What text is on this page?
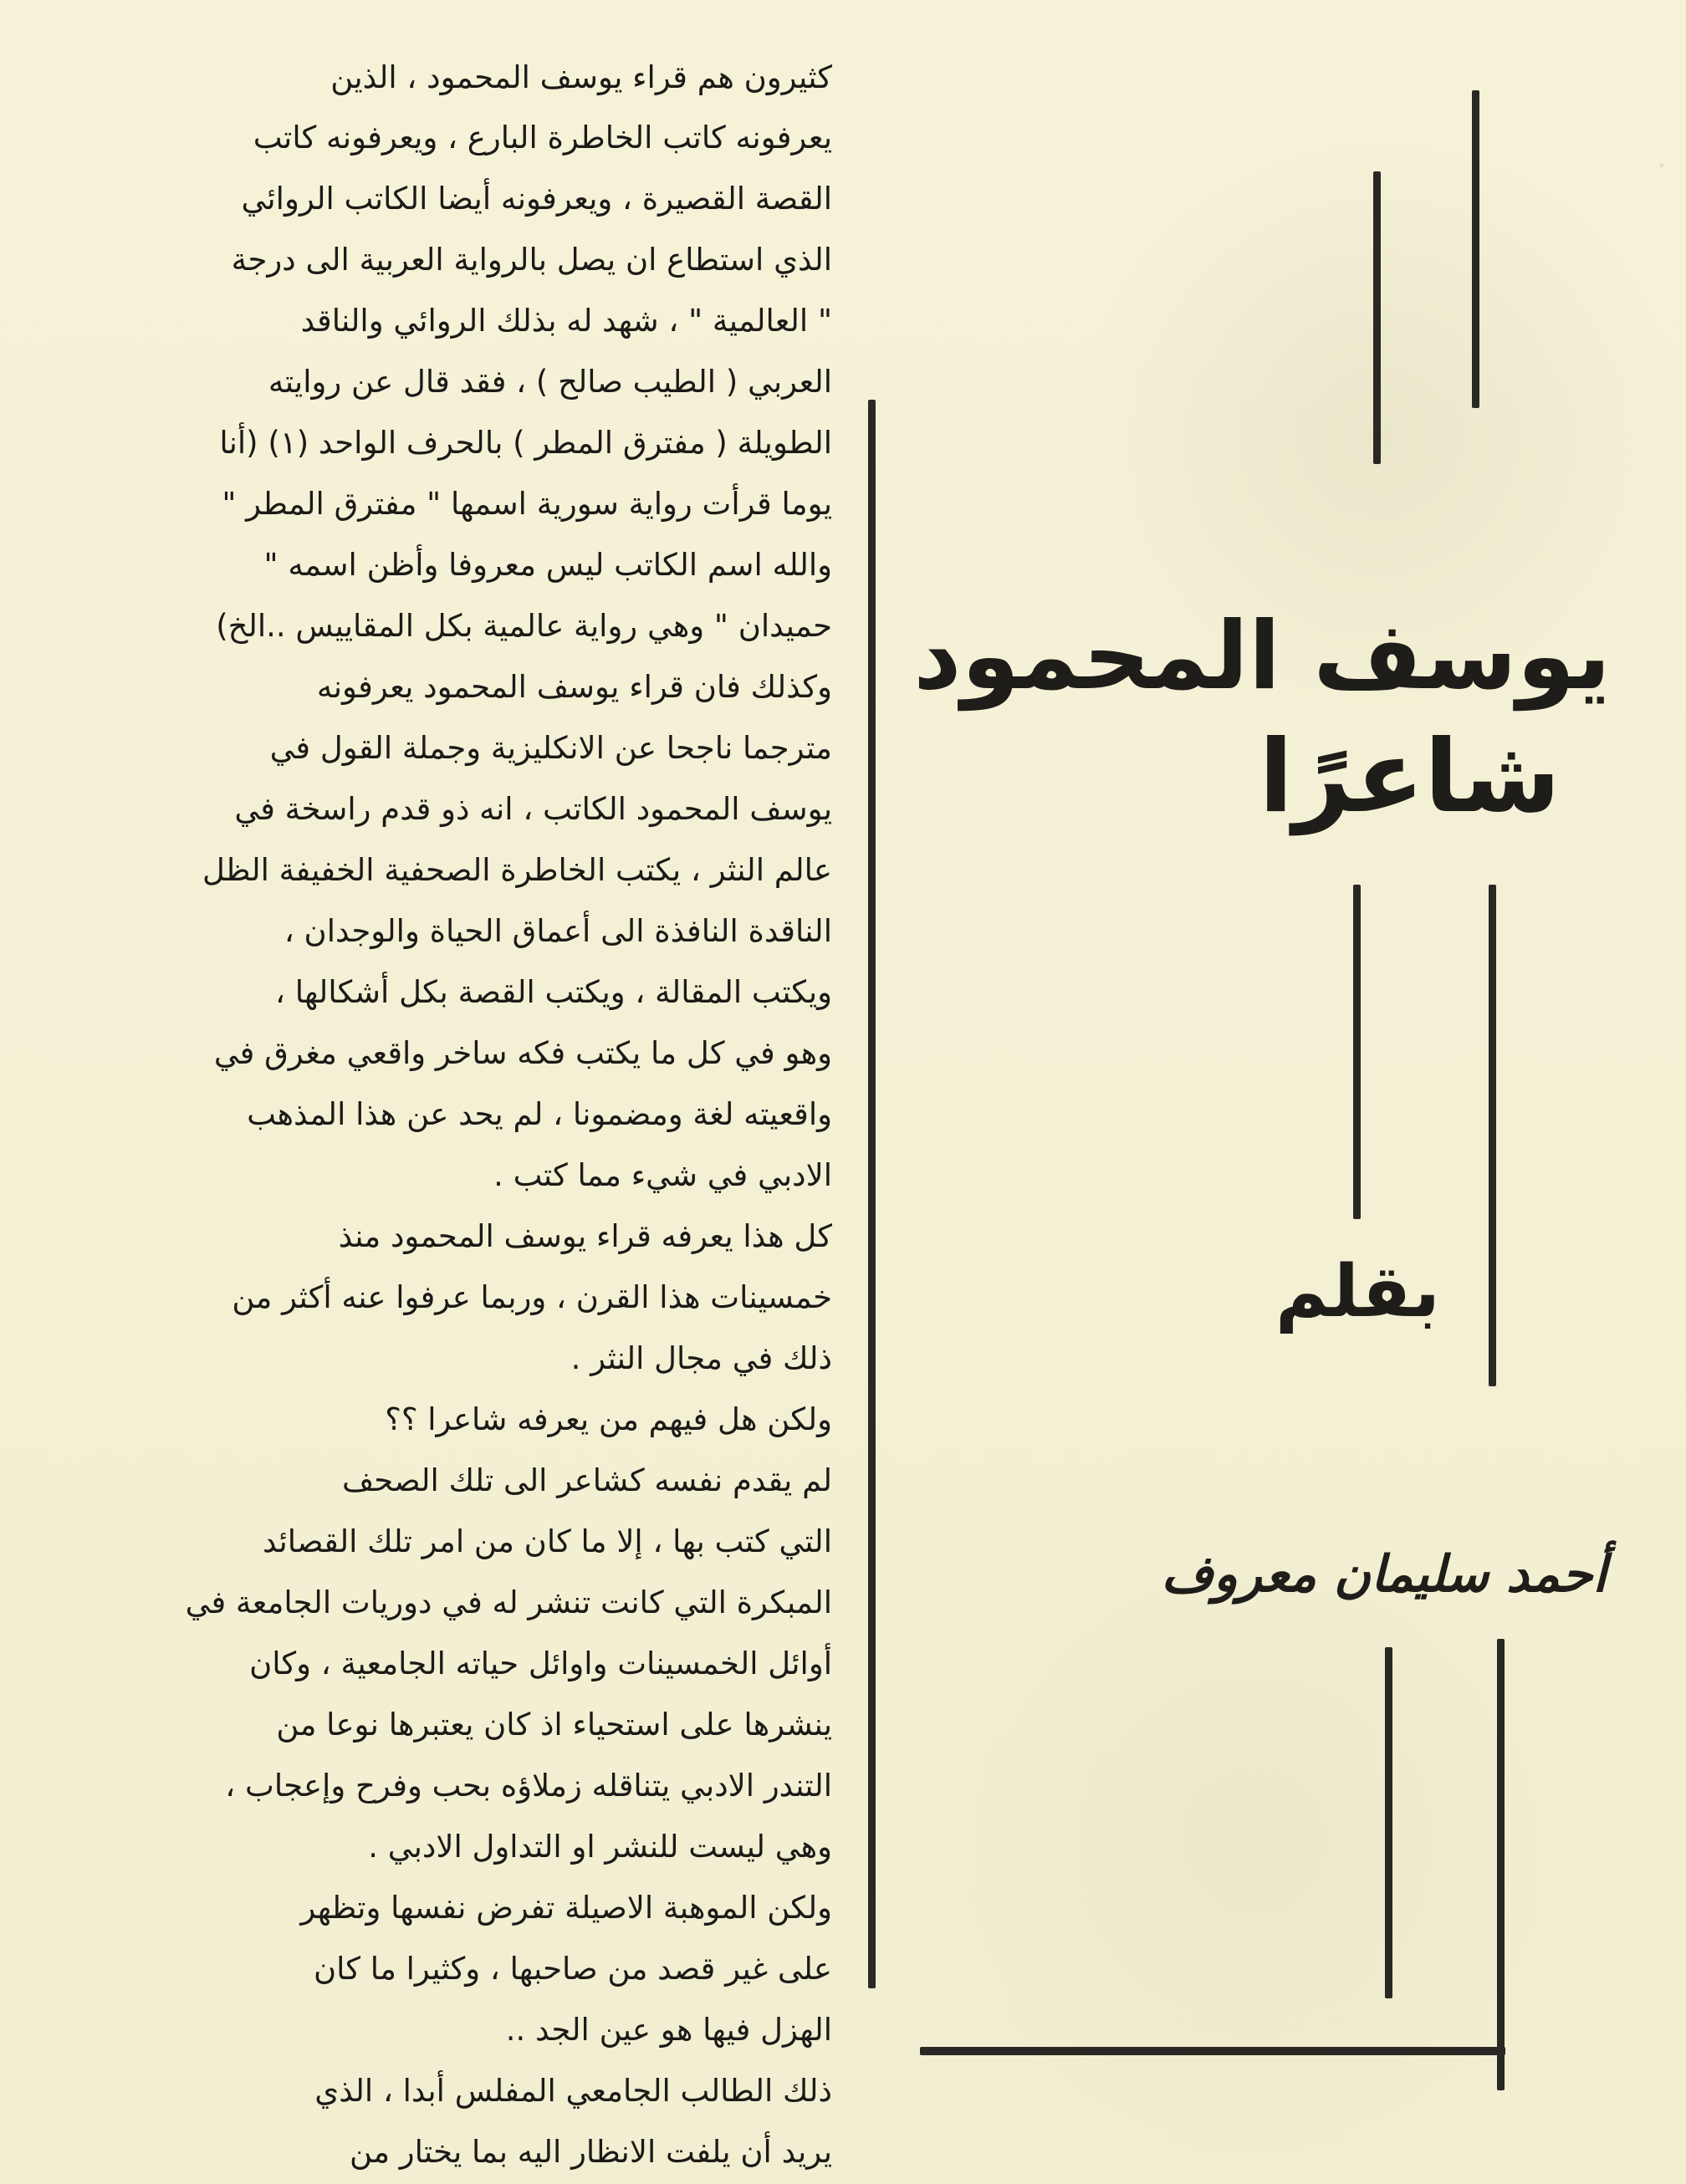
كثيرون هم قراء يوسف المحمود ، الذين
يعرفونه كاتب الخاطرة البارع ، ويعرفونه كاتب
القصة القصيرة ، ويعرفونه أيضا الكاتب الروائي
الذي استطاع ان يصل بالرواية العربية الى درجة
" العالمية " ، شهد له بذلك الروائي والناقد
العربي ( الطيب صالح ) ، فقد قال عن روايته
الطويلة ( مفترق المطر ) بالحرف الواحد (١) (أنا
يوما قرأت رواية سورية اسمها " مفترق المطر "
والله اسم الكاتب ليس معروفا وأظن اسمه "
حميدان " وهي رواية عالمية بكل المقاييس ..الخ)
وكذلك فان قراء يوسف المحمود يعرفونه
مترجما ناجحا عن الانكليزية وجملة القول في
يوسف المحمود الكاتب ، انه ذو قدم راسخة في
عالم النثر ، يكتب الخاطرة الصحفية الخفيفة الظل
الناقدة النافذة الى أعماق الحياة والوجدان ،
ويكتب المقالة ، ويكتب القصة بكل أشكالها ،
وهو في كل ما يكتب فكه ساخر واقعي مغرق في
واقعيته لغة ومضمونا ، لم يحد عن هذا المذهب
الادبي في شيء مما كتب .
كل هذا يعرفه قراء يوسف المحمود منذ
خمسينات هذا القرن ، وربما عرفوا عنه أكثر من
ذلك في مجال النثر .
ولكن هل فيهم من يعرفه شاعرا ؟؟
لم يقدم نفسه كشاعر الى تلك الصحف
التي كتب بها ، إلا ما كان من امر تلك القصائد
المبكرة التي كانت تنشر له في دوريات الجامعة في
أوائل الخمسينات واوائل حياته الجامعية ، وكان
ينشرها على استحياء اذ كان يعتبرها نوعا من
التندر الادبي يتناقله زملاؤه بحب وفرح وإعجاب ،
وهي ليست للنشر او التداول الادبي .
ولكن الموهبة الاصيلة تفرض نفسها وتظهر
على غير قصد من صاحبها ، وكثيرا ما كان
الهزل فيها هو عين الجد ..
ذلك الطالب الجامعي المفلس أبدا ، الذي
يريد أن يلفت الانظار اليه بما يختار من
.
يوسف المحمود
شاعرًا
بقلم
أحمد سليمان معروف
